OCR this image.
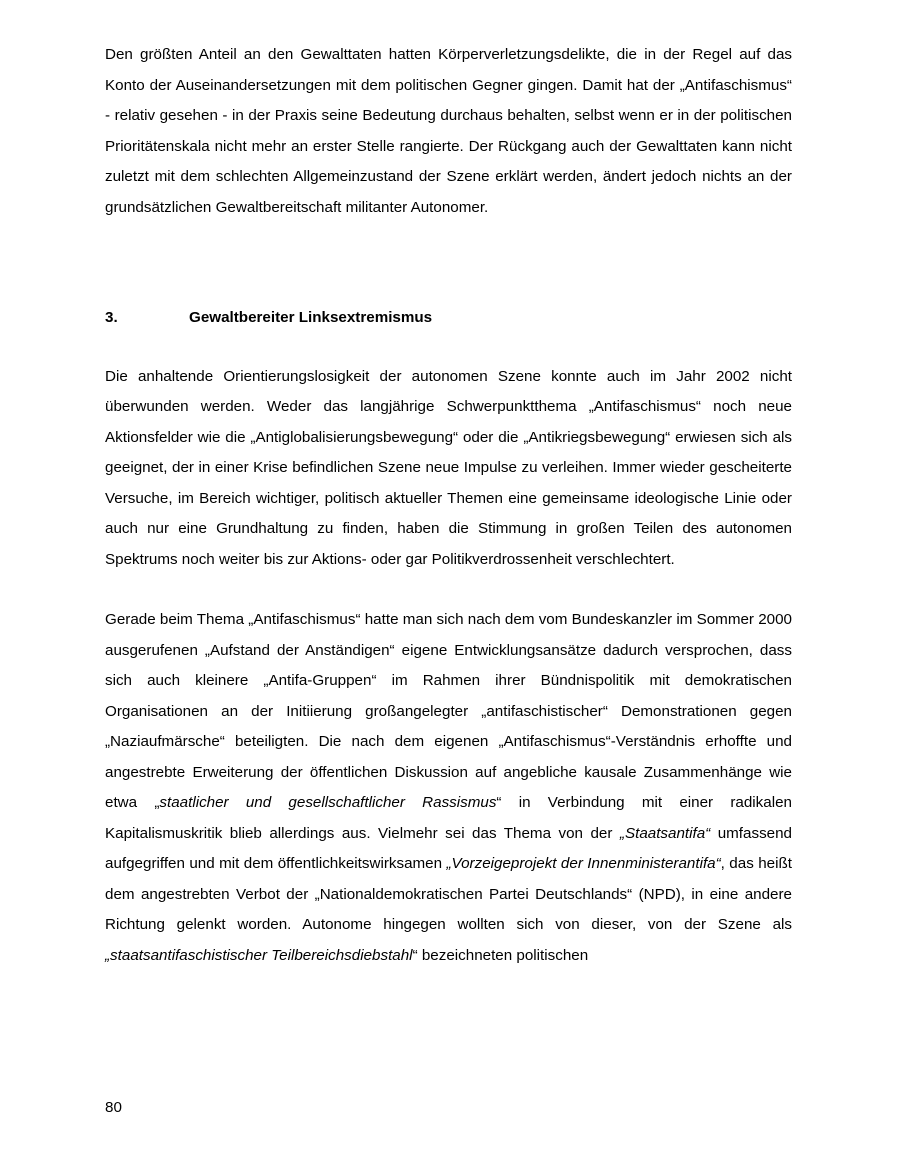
Den größten Anteil an den Gewalttaten hatten Körperverletzungsdelikte, die in der Regel auf das Konto der Auseinandersetzungen mit dem politischen Gegner gingen. Damit hat der „Antifaschismus“ - relativ gesehen - in der Praxis seine Bedeutung durchaus behalten, selbst wenn er in der politischen Prioritätenskala nicht mehr an erster Stelle rangierte. Der Rückgang auch der Gewalttaten kann nicht zuletzt mit dem schlechten Allgemeinzustand der Szene erklärt werden, ändert jedoch nichts an der grundsätzlichen Gewaltbereitschaft militanter Autonomer.

3.	Gewaltbereiter Linksextremismus

Die anhaltende Orientierungslosigkeit der autonomen Szene konnte auch im Jahr 2002 nicht überwunden werden. Weder das langjährige Schwerpunktthema „Antifaschismus“ noch neue Aktionsfelder wie die „Antiglobalisierungsbewegung“ oder die „Antikriegsbewegung“ erwiesen sich als geeignet, der in einer Krise befindlichen Szene neue Impulse zu verleihen. Immer wieder gescheiterte Versuche, im Bereich wichtiger, politisch aktueller Themen eine gemeinsame ideologische Linie oder auch nur eine Grundhaltung zu finden, haben die Stimmung in großen Teilen des autonomen Spektrums noch weiter bis zur Aktions- oder gar Politikverdrossenheit verschlechtert.

Gerade beim Thema „Antifaschismus“ hatte man sich nach dem vom Bundeskanzler im Sommer 2000 ausgerufenen „Aufstand der Anständigen“ eigene Entwicklungsansätze dadurch versprochen, dass sich auch kleinere „Antifa-Gruppen“ im Rahmen ihrer Bündnispolitik mit demokratischen Organisationen an der Initiierung großangelegter „antifaschistischer“ Demonstrationen gegen „Naziaufmärsche“ beteiligten. Die nach dem eigenen „Antifaschismus“-Verständnis erhoffte und angestrebte Erweiterung der öffentlichen Diskussion auf angebliche kausale Zusammenhänge wie etwa „staatlicher und gesellschaftlicher Rassismus“ in Verbindung mit einer radikalen Kapitalismuskritik blieb allerdings aus. Vielmehr sei das Thema von der „Staatsantifa“ umfassend aufgegriffen und mit dem öffentlichkeitswirksamen „Vorzeigeprojekt der Innenministerantifa“, das heißt dem angestrebten Verbot der „Nationaldemokratischen Partei Deutschlands“ (NPD), in eine andere Richtung gelenkt worden. Autonome hingegen wollten sich von dieser, von der Szene als „staatsantifaschistischer Teilbereichsdiebstahl“ bezeichneten politischen

80
